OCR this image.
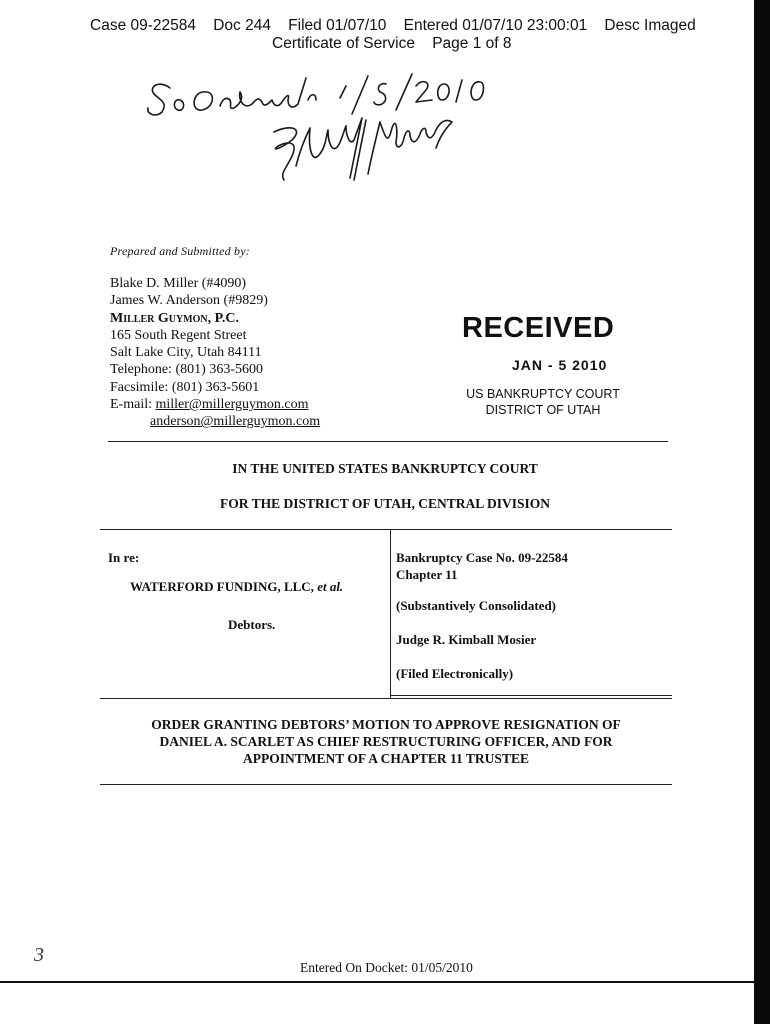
Case 09-22584    Doc 244    Filed 01/07/10    Entered 01/07/10 23:00:01    Desc Imaged
Certificate of Service    Page 1 of 8
Prepared and Submitted by:
Blake D. Miller (#4090)
James W. Anderson (#9829)
Miller Guymon, P.C.
165 South Regent Street
Salt Lake City, Utah 84111
Telephone: (801) 363-5600
Facsimile: (801) 363-5601
E-mail: miller@millerguymon.com
anderson@millerguymon.com
RECEIVED
JAN - 5 2010
US BANKRUPTCY COURT
DISTRICT OF UTAH
IN THE UNITED STATES BANKRUPTCY COURT
FOR THE DISTRICT OF UTAH, CENTRAL DIVISION
In re:
WATERFORD FUNDING, LLC, et al.
Debtors.
Bankruptcy Case No. 09-22584
Chapter 11
(Substantively Consolidated)
Judge R. Kimball Mosier
(Filed Electronically)
ORDER GRANTING DEBTORS’ MOTION TO APPROVE RESIGNATION OF
DANIEL A. SCARLET AS CHIEF RESTRUCTURING OFFICER, AND FOR
APPOINTMENT OF A CHAPTER 11 TRUSTEE
3
Entered On Docket: 01/05/2010
